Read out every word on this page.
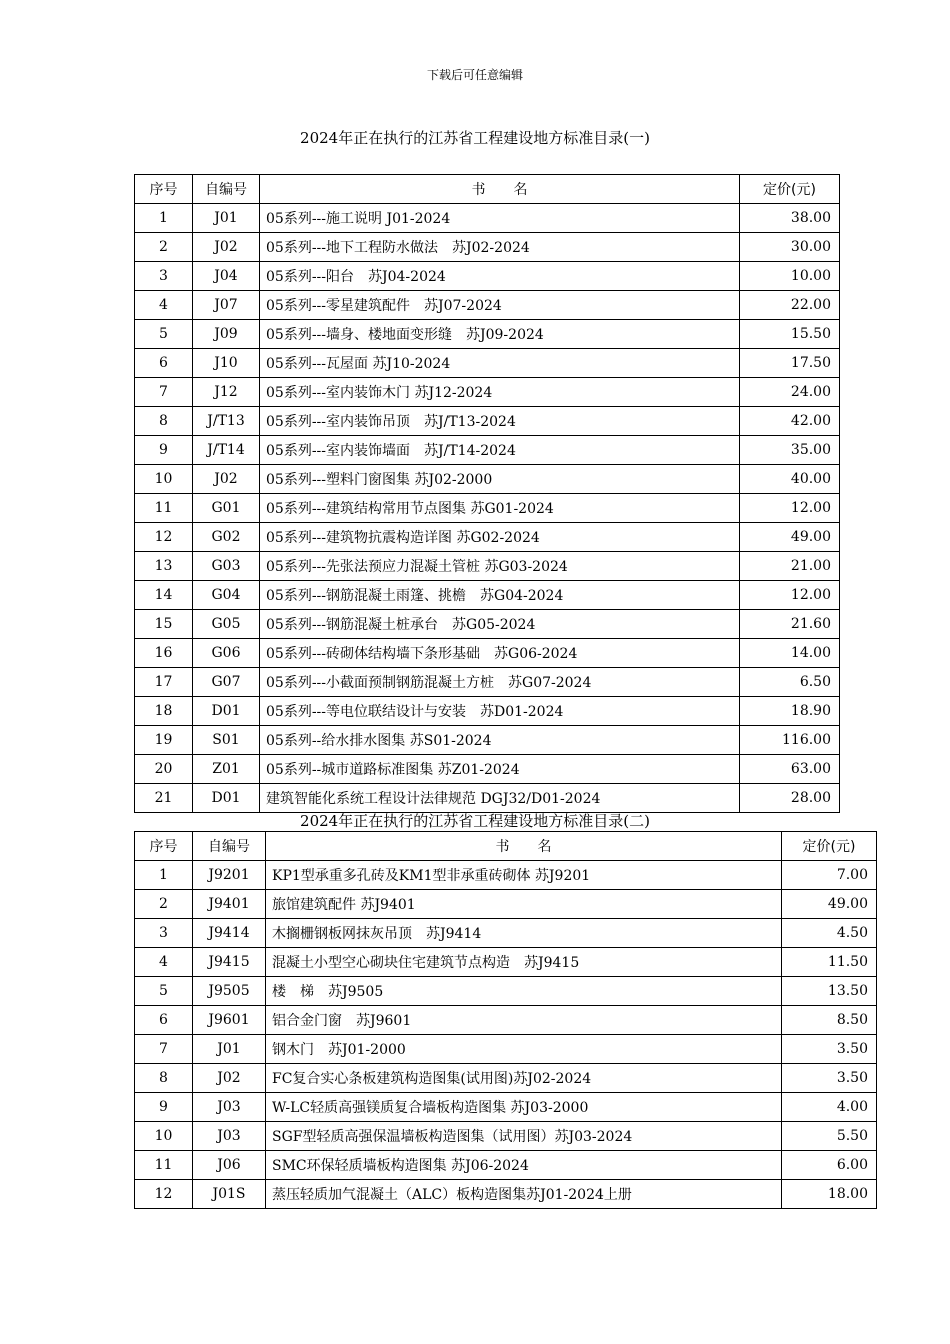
下载后可任意编辑
2024年正在执行的江苏省工程建设地方标准目录(一)
序号	自编号	书　　名	定价(元)
1	J01	05系列---施工说明 J01-2024	38.00
2	J02	05系列---地下工程防水做法　苏J02-2024	30.00
3	J04	05系列---阳台　苏J04-2024	10.00
4	J07	05系列---零星建筑配件　苏J07-2024	22.00
5	J09	05系列---墙身、楼地面变形缝　苏J09-2024	15.50
6	J10	05系列---瓦屋面 苏J10-2024	17.50
7	J12	05系列---室内装饰木门 苏J12-2024	24.00
8	J/T13	05系列---室内装饰吊顶　苏J/T13-2024	42.00
9	J/T14	05系列---室内装饰墙面　苏J/T14-2024	35.00
10	J02	05系列---塑料门窗图集 苏J02-2000	40.00
11	G01	05系列---建筑结构常用节点图集 苏G01-2024	12.00
12	G02	05系列---建筑物抗震构造详图 苏G02-2024	49.00
13	G03	05系列---先张法预应力混凝土管桩 苏G03-2024	21.00
14	G04	05系列---钢筋混凝土雨篷、挑檐　苏G04-2024	12.00
15	G05	05系列---钢筋混凝土桩承台　苏G05-2024	21.60
16	G06	05系列---砖砌体结构墙下条形基础　苏G06-2024	14.00
17	G07	05系列---小截面预制钢筋混凝土方桩　苏G07-2024	6.50
18	D01	05系列---等电位联结设计与安装　苏D01-2024	18.90
19	S01	05系列--给水排水图集 苏S01-2024	116.00
20	Z01	05系列--城市道路标准图集 苏Z01-2024	63.00
21	D01	建筑智能化系统工程设计法律规范 DGJ32/D01-2024	28.00
2024年正在执行的江苏省工程建设地方标准目录(二)
序号	自编号	书　　名	定价(元)
1	J9201	KP1型承重多孔砖及KM1型非承重砖砌体 苏J9201	7.00
2	J9401	旅馆建筑配件 苏J9401	49.00
3	J9414	木搁栅钢板网抹灰吊顶　苏J9414	4.50
4	J9415	混凝土小型空心砌块住宅建筑节点构造　苏J9415	11.50
5	J9505	楼　梯　苏J9505	13.50
6	J9601	铝合金门窗　苏J9601	8.50
7	J01	钢木门　苏J01-2000	3.50
8	J02	FC复合实心条板建筑构造图集(试用图)苏J02-2024	3.50
9	J03	W-LC轻质高强镁质复合墙板构造图集 苏J03-2000	4.00
10	J03	SGF型轻质高强保温墙板构造图集（试用图）苏J03-2024	5.50
11	J06	SMC环保轻质墙板构造图集 苏J06-2024	6.00
12	J01S	蒸压轻质加气混凝土（ALC）板构造图集苏J01-2024上册	18.00
